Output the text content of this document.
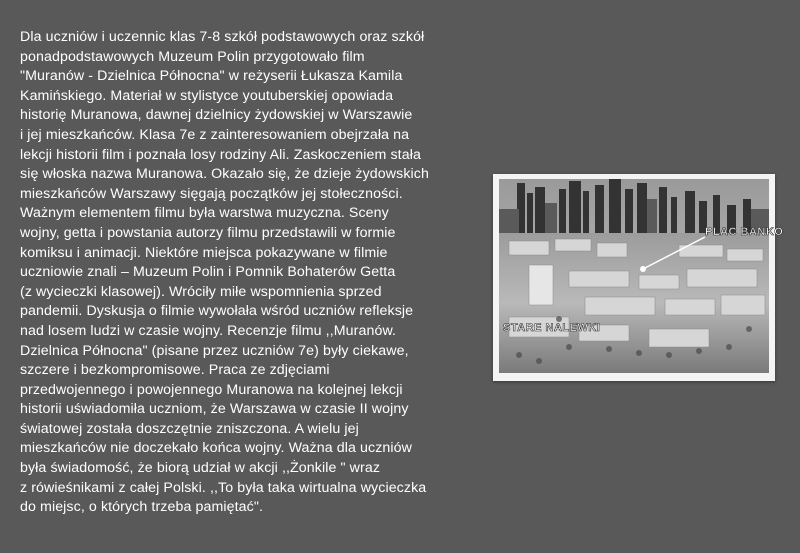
Dla uczniów i uczennic klas 7-8 szkół podstawowych oraz szkół
ponadpodstawowych Muzeum Polin przygotowało film
"Muranów - Dzielnica Północna" w reżyserii Łukasza Kamila
Kamińskiego. Materiał w stylistyce youtuberskiej opowiada
historię Muranowa, dawnej dzielnicy żydowskiej w Warszawie
i jej mieszkańców. Klasa 7e z zainteresowaniem obejrzała na
lekcji historii film i poznała losy rodziny Ali. Zaskoczeniem stała
się włoska nazwa Muranowa. Okazało się, że dzieje żydowskich
mieszkańców Warszawy sięgają początków jej stołeczności.
Ważnym elementem filmu była warstwa muzyczna. Sceny
wojny, getta i powstania autorzy filmu przedstawili w formie
komiksu i animacji. Niektóre miejsca pokazywane w filmie
uczniowie znali – Muzeum Polin i Pomnik Bohaterów Getta
(z wycieczki klasowej). Wróciły miłe wspomnienia sprzed
pandemii. Dyskusja o filmie wywołała wśród uczniów refleksje
nad losem ludzi w czasie wojny. Recenzje filmu ,,Muranów.
Dzielnica Północna" (pisane przez uczniów 7e) były ciekawe,
szczere i bezkompromisowe. Praca ze zdjęciami
przedwojennego i powojennego Muranowa na kolejnej lekcji
historii uświadomiła uczniom, że Warszawa w czasie II wojny
światowej została doszczętnie zniszczona. A wielu jej
mieszkańców nie doczekało końca wojny. Ważna dla uczniów
była świadomość, że biorą udział w akcji ,,Żonkile " wraz
z rówieśnikami z całej Polski. ,,To była taka wirtualna wycieczka
do miejsc, o których trzeba pamiętać".
PLAC BANKO
STARE NALEWKI
